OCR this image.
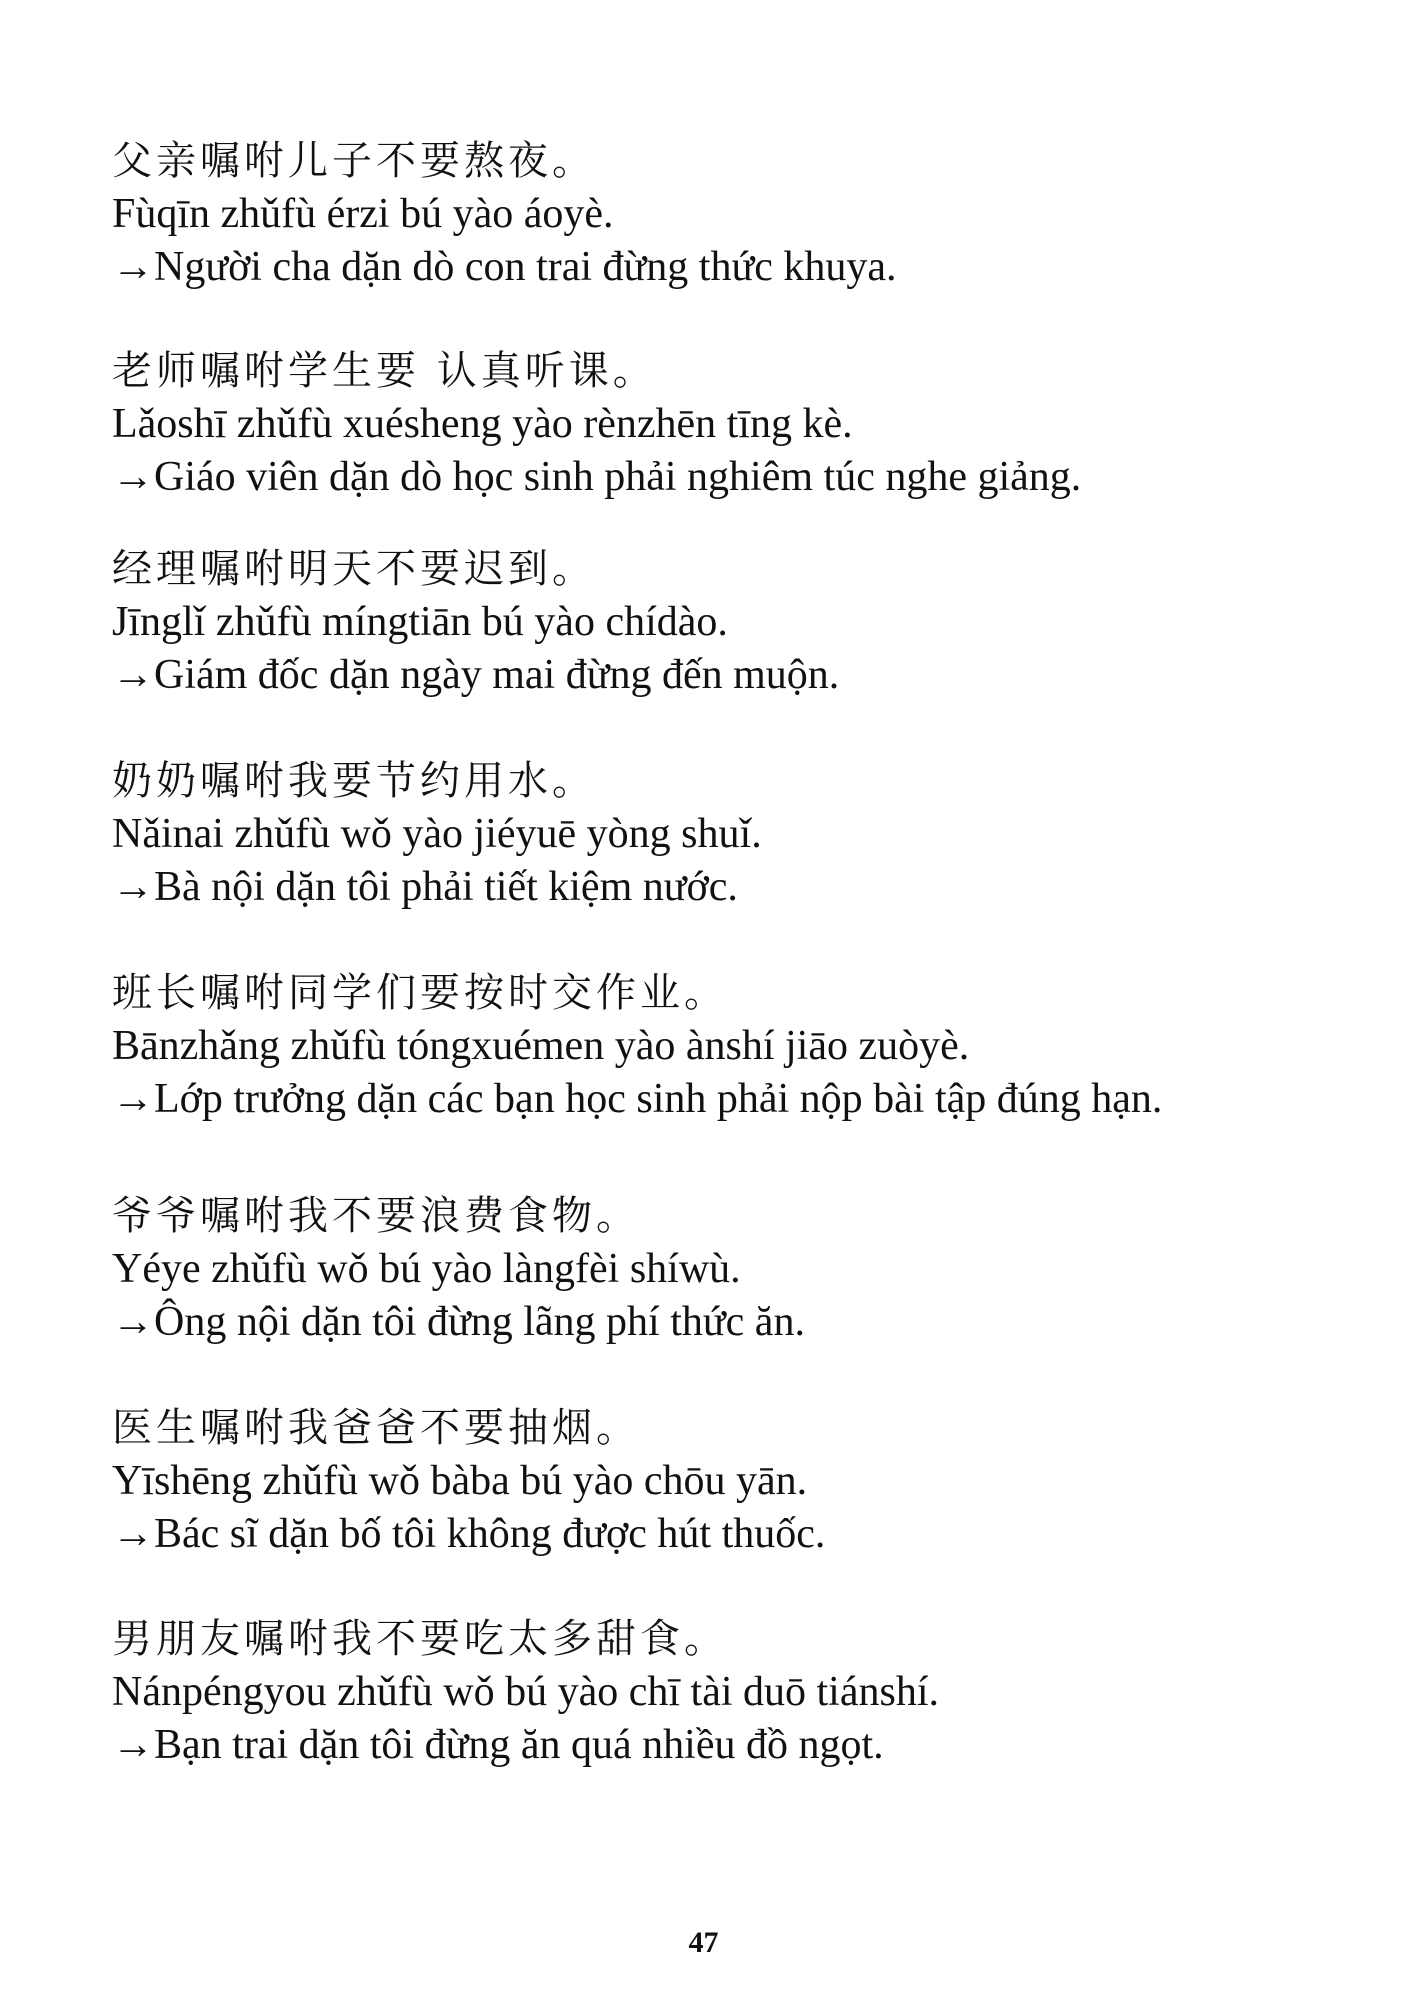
父亲嘱咐儿子不要熬夜。
Fùqīn zhǔfù érzi bú yào áoyè.
→Người cha dặn dò con trai đừng thức khuya.
老师嘱咐学生要 认真听课。
Lǎoshī zhǔfù xuésheng yào rènzhēn tīng kè.
→Giáo viên dặn dò học sinh phải nghiêm túc nghe giảng.
经理嘱咐明天不要迟到。
Jīnglǐ zhǔfù míngtiān bú yào chídào.
→Giám đốc dặn ngày mai đừng đến muộn.
奶奶嘱咐我要节约用水。
Nǎinai zhǔfù wǒ yào jiéyuē yòng shuǐ.
→Bà nội dặn tôi phải tiết kiệm nước.
班长嘱咐同学们要按时交作业。
Bānzhǎng zhǔfù tóngxuémen yào ànshí jiāo zuòyè.
→Lớp trưởng dặn các bạn học sinh phải nộp bài tập đúng hạn.
爷爷嘱咐我不要浪费食物。
Yéye zhǔfù wǒ bú yào làngfèi shíwù.
→Ông nội dặn tôi đừng lãng phí thức ăn.
医生嘱咐我爸爸不要抽烟。
Yīshēng zhǔfù wǒ bàba bú yào chōu yān.
→Bác sĩ dặn bố tôi không được hút thuốc.
男朋友嘱咐我不要吃太多甜食。
Nánpéngyou zhǔfù wǒ bú yào chī tài duō tiánshí.
→Bạn trai dặn tôi đừng ăn quá nhiều đồ ngọt.
47
